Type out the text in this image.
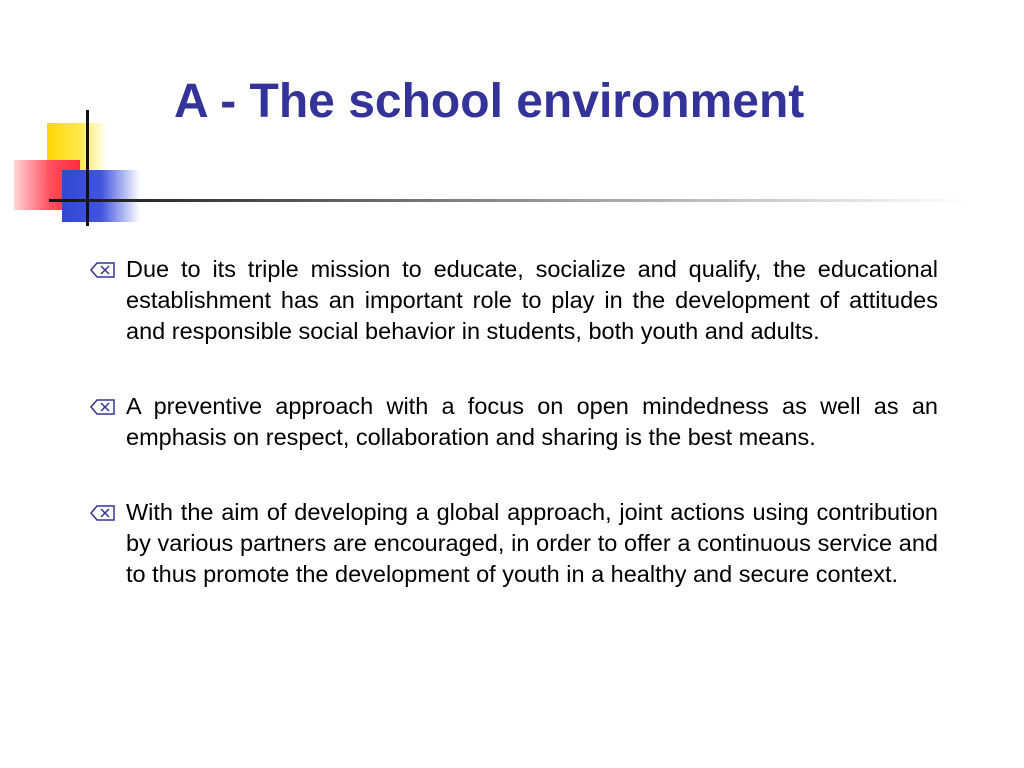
A - The school environment

Due to its triple mission to educate, socialize and qualify, the educational establishment has an important role to play in the development of attitudes and responsible social behavior in students, both youth and adults.

A preventive approach with a focus on open mindedness as well as an emphasis on respect, collaboration and sharing is the best means.

With the aim of developing a global approach, joint actions using contribution by various partners are encouraged, in order to offer a continuous service and to thus promote the development of youth in a healthy and secure context.
